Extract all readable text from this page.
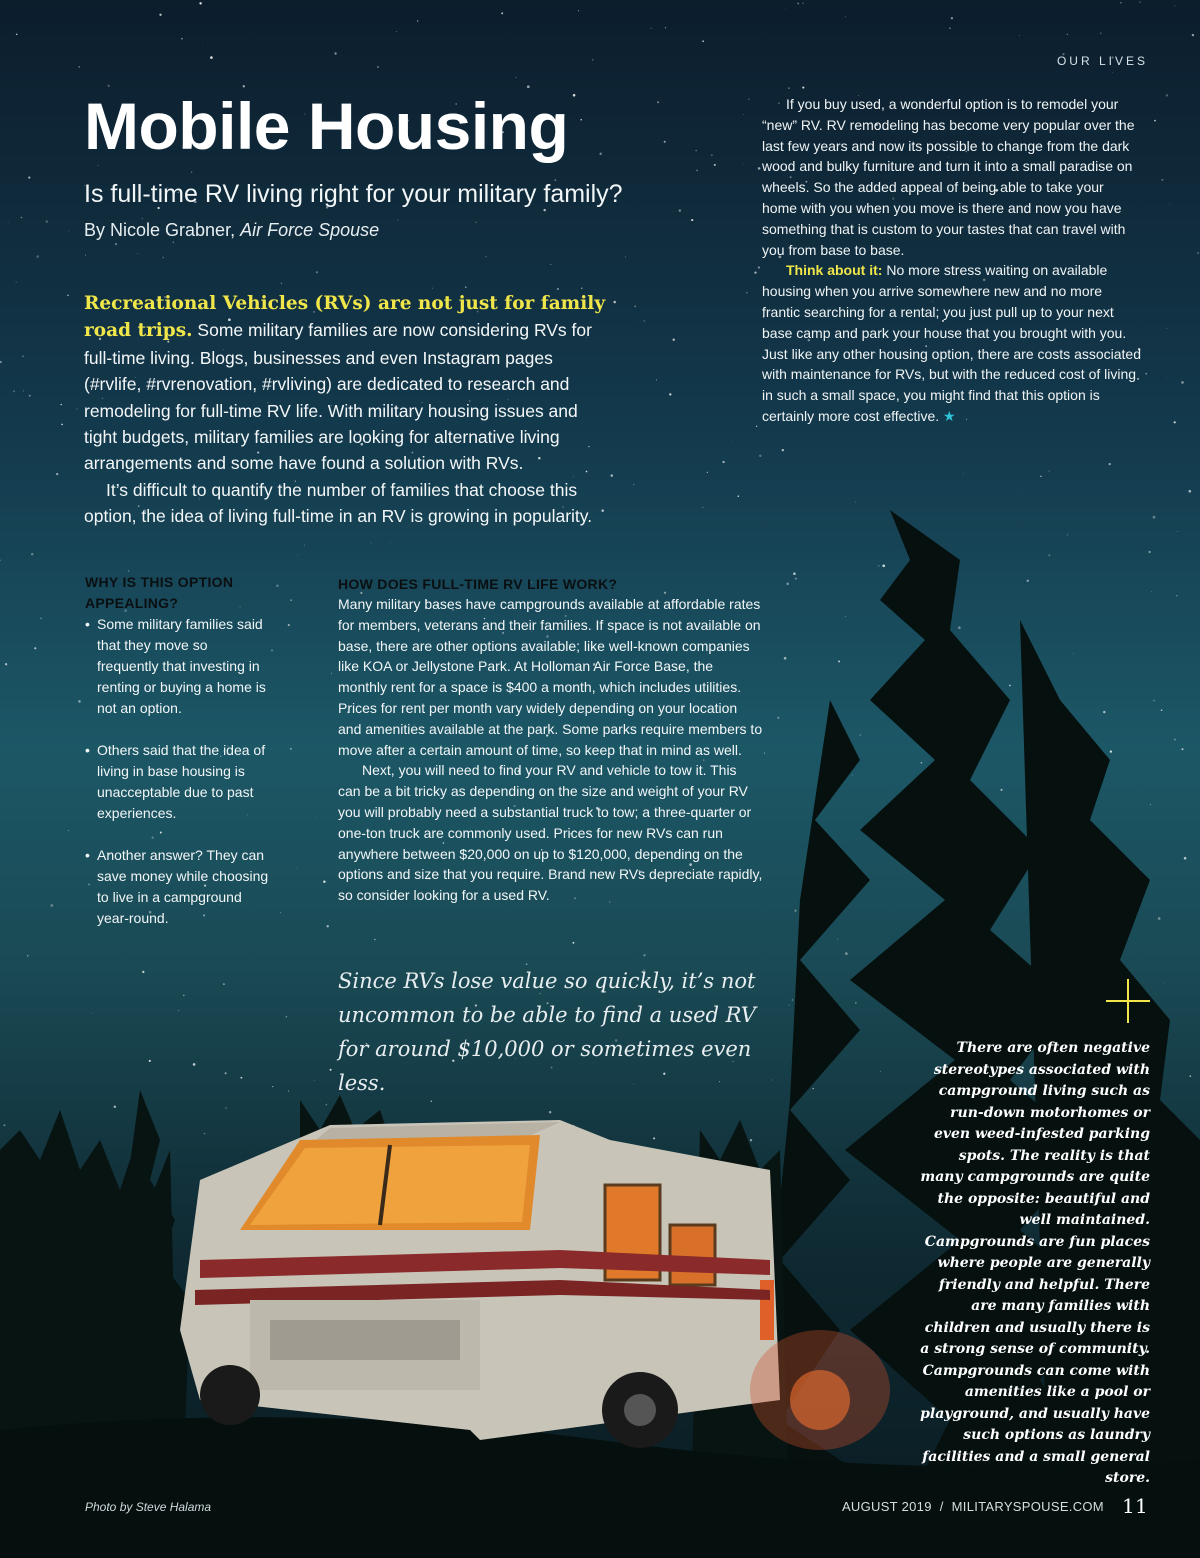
OUR LIVES
Mobile Housing
Is full-time RV living right for your military family?
By Nicole Grabner, Air Force Spouse

Recreational Vehicles (RVs) are not just for family road trips. Some military families are now considering RVs for full-time living. Blogs, businesses and even Instagram pages (#rvlife, #rvrenovation, #rvliving) are dedicated to research and remodeling for full-time RV life. With military housing issues and tight budgets, military families are looking for alternative living arrangements and some have found a solution with RVs.

It’s difficult to quantify the number of families that choose this option, the idea of living full-time in an RV is growing in popularity.

If you buy used, a wonderful option is to remodel your “new” RV. RV remodeling has become very popular over the last few years and now its possible to change from the dark wood and bulky furniture and turn it into a small paradise on wheels. So the added appeal of being able to take your home with you when you move is there and now you have something that is custom to your tastes that can travel with you from base to base.

Think about it: No more stress waiting on available housing when you arrive somewhere new and no more frantic searching for a rental; you just pull up to your next base camp and park your house that you brought with you. Just like any other housing option, there are costs associated with maintenance for RVs, but with the reduced cost of living in such a small space, you might find that this option is certainly more cost effective. ★

WHY IS THIS OPTION APPEALING?
• Some military families said that they move so frequently that investing in renting or buying a home is not an option.
• Others said that the idea of living in base housing is unacceptable due to past experiences.
• Another answer? They can save money while choosing to live in a campground year-round.
HOW DOES FULL-TIME RV LIFE WORK?

Many military bases have campgrounds available at affordable rates for members, veterans and their families. If space is not available on base, there are other options available; like well-known companies like KOA or Jellystone Park. At Holloman Air Force Base, the monthly rent for a space is $400 a month, which includes utilities. Prices for rent per month vary widely depending on your location and amenities available at the park. Some parks require members to move after a certain amount of time, so keep that in mind as well.

Next, you will need to find your RV and vehicle to tow it. This can be a bit tricky as depending on the size and weight of your RV you will probably need a substantial truck to tow; a three-quarter or one-ton truck are commonly used. Prices for new RVs can run anywhere between $20,000 on up to $120,000, depending on the options and size that you require. Brand new RVs depreciate rapidly, so consider looking for a used RV.

Since RVs lose value so quickly, it’s not uncommon to be able to find a used RV for around $10,000 or sometimes even less.
There are often negative stereotypes associated with campground living such as run-down motorhomes or even weed-infested parking spots. The reality is that many campgrounds are quite the opposite: beautiful and well maintained. Campgrounds are fun places where people are generally friendly and helpful. There are many families with children and usually there is a strong sense of community. Campgrounds can come with amenities like a pool or playground, and usually have such options as laundry facilities and a small general store.
Photo by Steve Halama	AUGUST 2019 / MILITARYSPOUSE.COM 11
